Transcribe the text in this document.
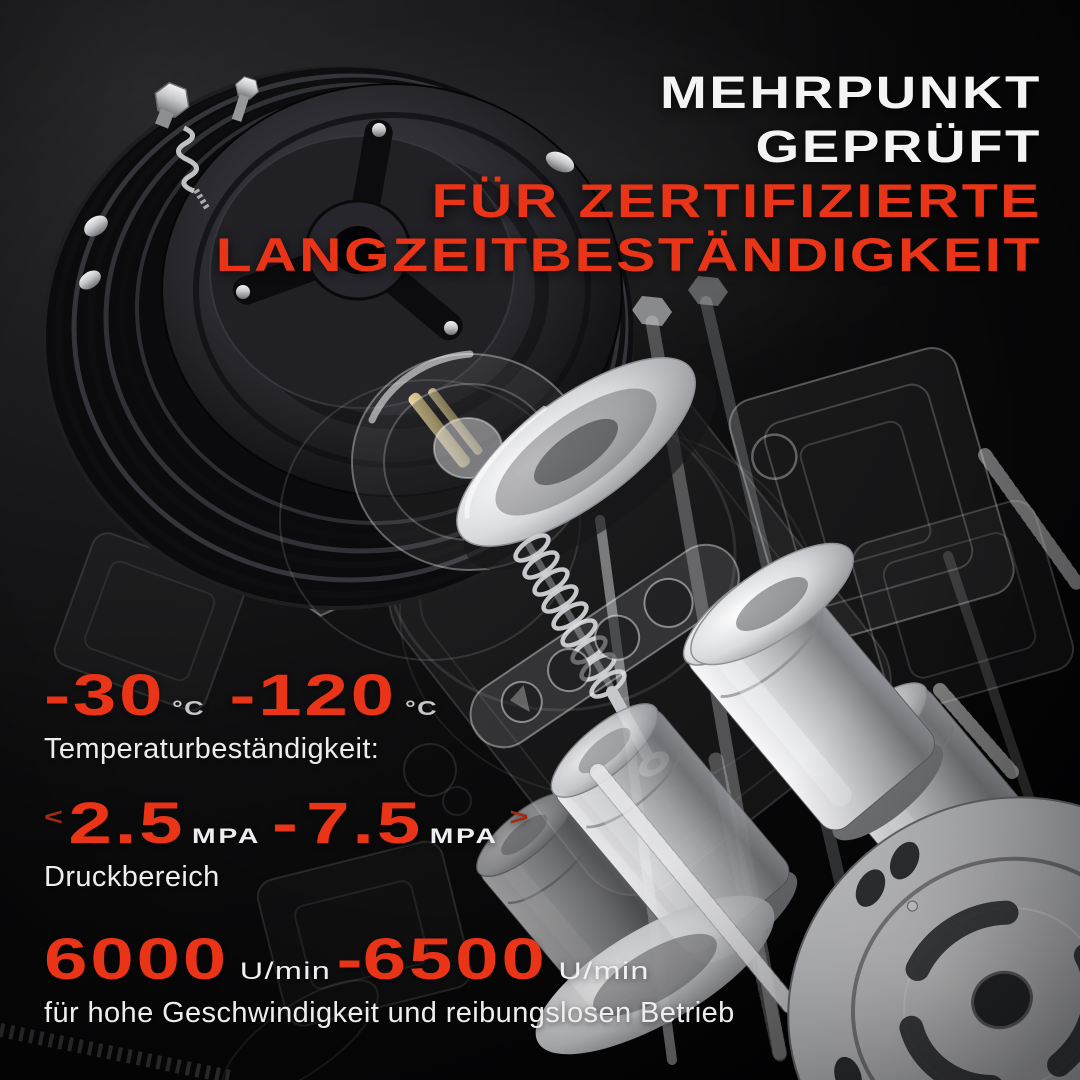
MEHRPUNKT
GEPRÜFT
FÜR ZERTIFIZIERTE
LANGZEITBESTÄNDIGKEIT
-30 °C -120 °C
Temperaturbeständigkeit:
< 2.5 MPA - 7.5 MPA
>
Druckbereich
6000 U/min - 6500 U/min
für hohe Geschwindigkeit und reibungslosen Betrieb
